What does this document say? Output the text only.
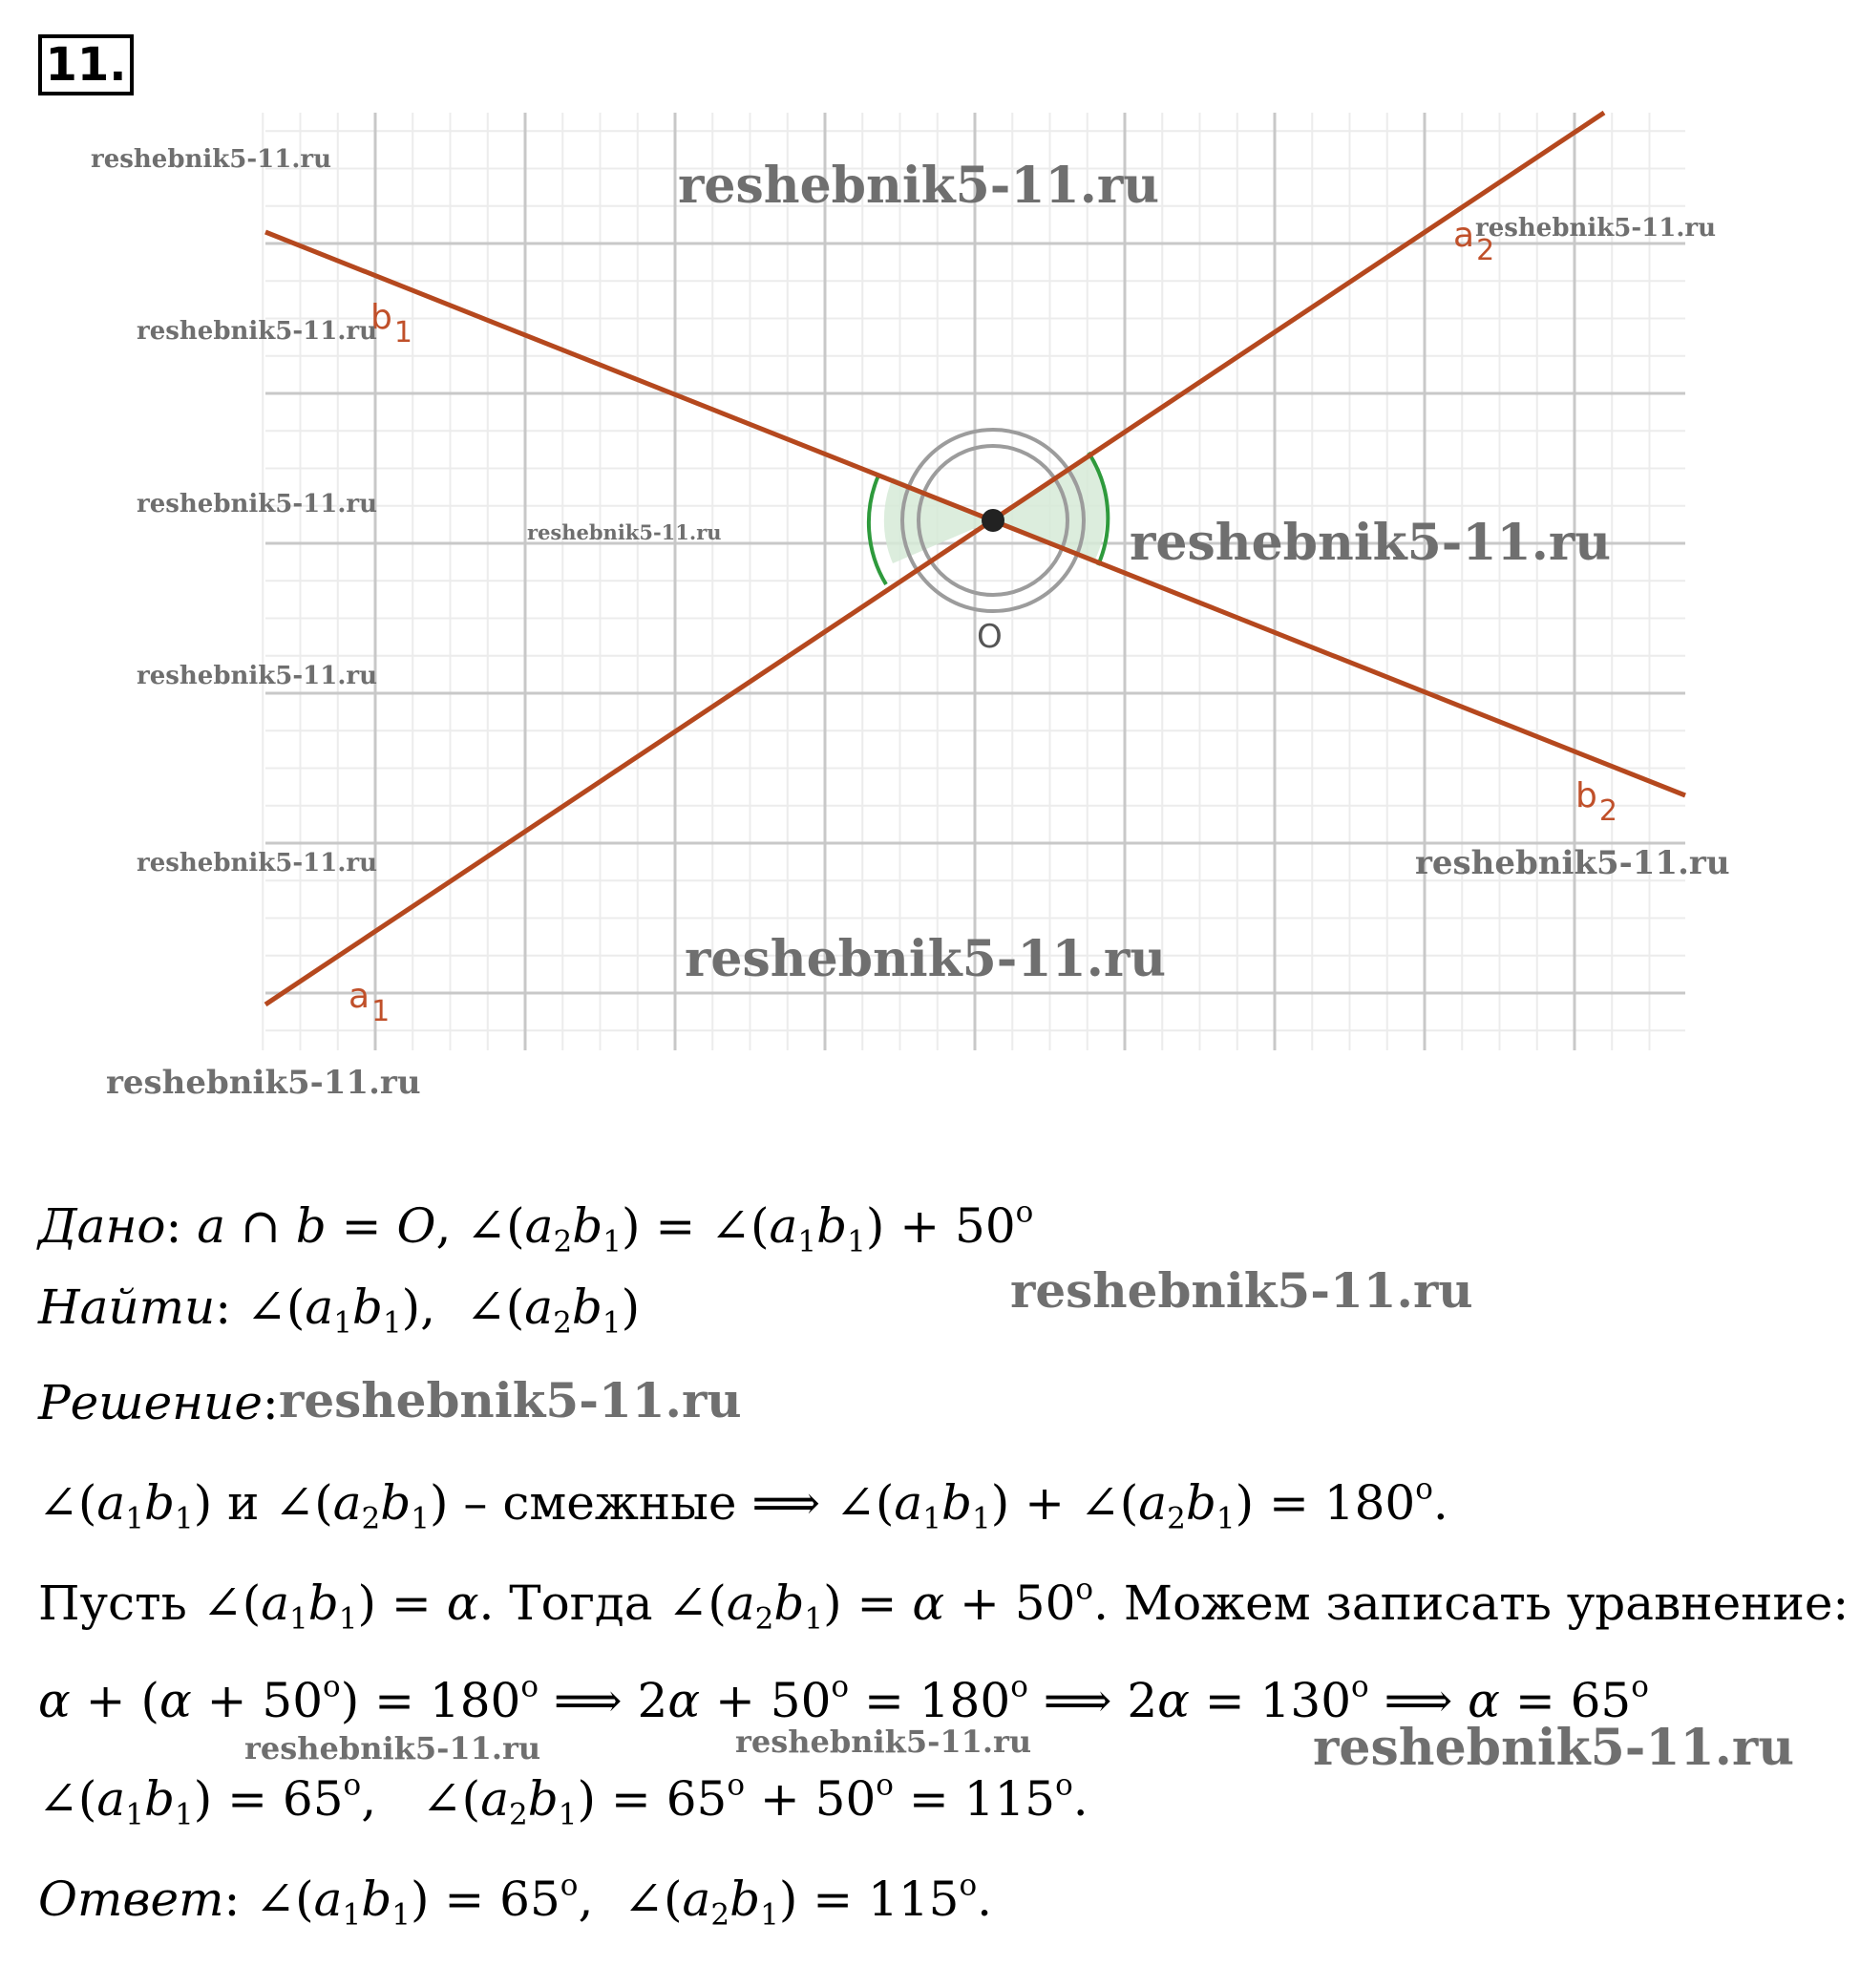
11.
O
$b_1$
$a_2$
$b_2$
$a_1$
reshebnik5-11.ru	reshebnik5-11.ru
reshebnik5-11.ru
reshebnik5-11.ru
reshebnik5-11.ru
reshebnik5-11.ru	reshebnik5-11.ru
reshebnik5-11.ru
reshebnik5-11.ru	reshebnik5-11.ru
reshebnik5-11.ru
reshebnik5-11.ru
Дано: a ∩ b = O, $\angle(a_2b_1)$ = $\angle(a_1b_1) + 50^o$
Найти: $\angle(a_1b_1)$,  $\angle(a_2b_1)$
Решение:
$\angle(a_1b_1)$ и $\angle(a_2b_1)$ – смежные ⟹ $\angle(a_1b_1)$ + $\angle(a_2b_1) = 180^o$.
Пусть $\angle(a_1b_1) = \alpha$. Тогда $\angle(a_2b_1) = \alpha + 50^o$. Можем записать уравнение:
$\alpha + (\alpha + 50^o) = 180^o$ ⟹ $2\alpha + 50^o = 180^o$ ⟹ $2\alpha = 130^o$ ⟹ $\alpha = 65^o$
$\angle(a_1b_1) = 65^o$,   $\angle(a_2b_1) = 65^o + 50^o = 115^o$.
Ответ: $\angle(a_1b_1) = 65^o$,  $\angle(a_2b_1) = 115^o$.
reshebnik5-11.ru
reshebnik5-11.ru
reshebnik5-11.ru	reshebnik5-11.ru	reshebnik5-11.ru
